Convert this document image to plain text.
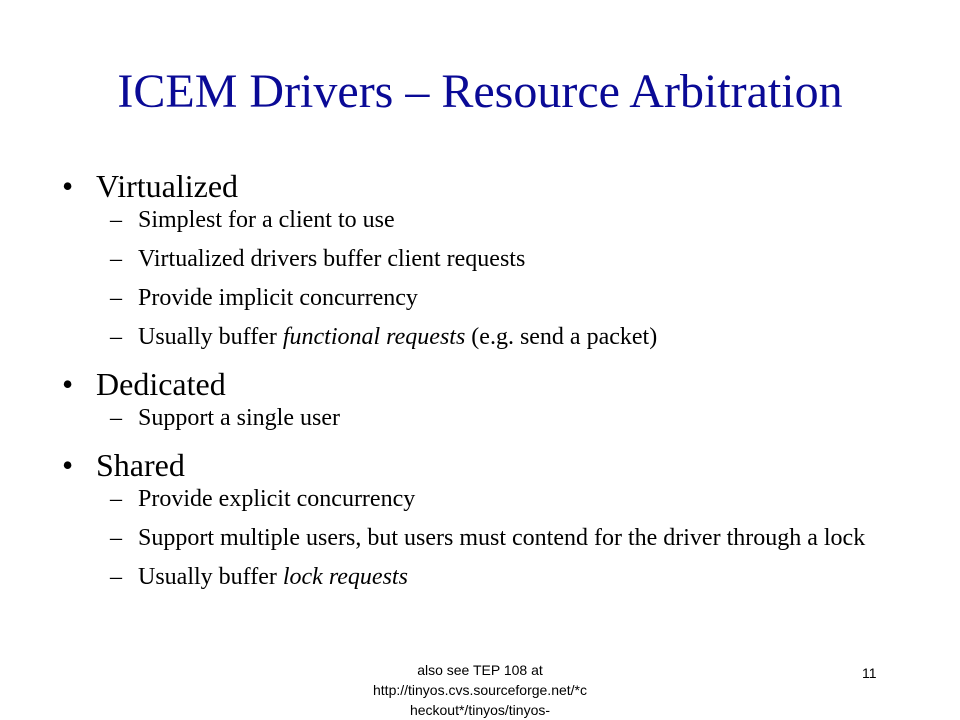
ICEM Drivers – Resource Arbitration
• Virtualized
– Simplest for a client to use
– Virtualized drivers buffer client requests
– Provide implicit concurrency
– Usually buffer functional requests (e.g. send a packet)
• Dedicated
– Support a single user
• Shared
– Provide explicit concurrency
– Support multiple users, but users must contend for the driver through a lock
– Usually buffer lock requests
also see TEP 108 at
http://tinyos.cvs.sourceforge.net/*c
heckout*/tinyos/tinyos-
11
